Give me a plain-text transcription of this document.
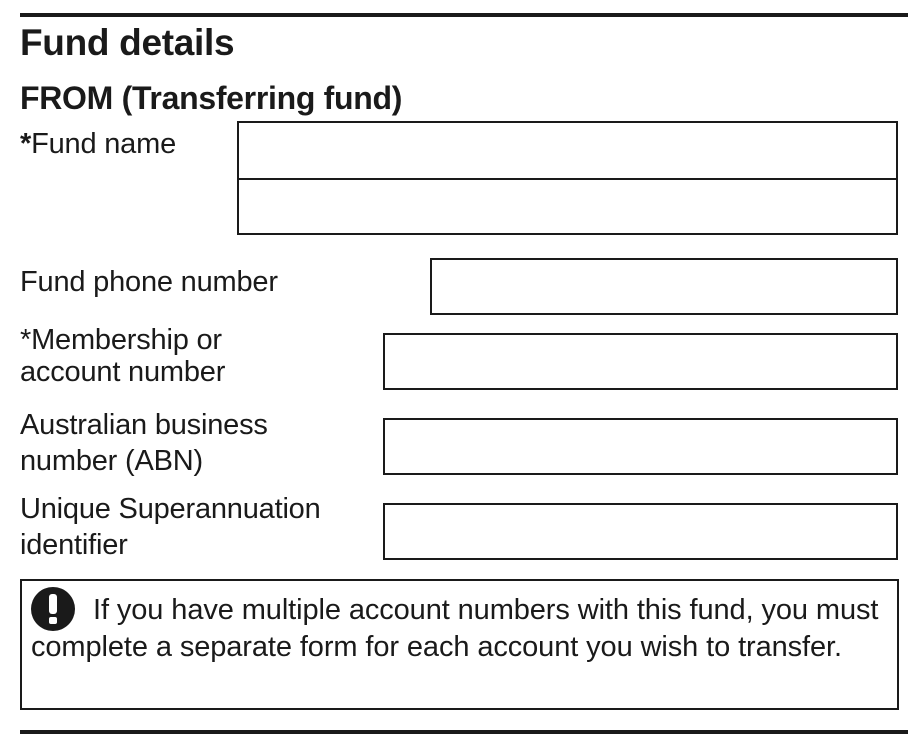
Fund details
FROM (Transferring fund)
*Fund name
Fund phone number
*Membership or
account number
Australian business
number (ABN)
Unique Superannuation
identifier
If you have multiple account numbers with this fund, you must complete a separate form for each account you wish to transfer.
